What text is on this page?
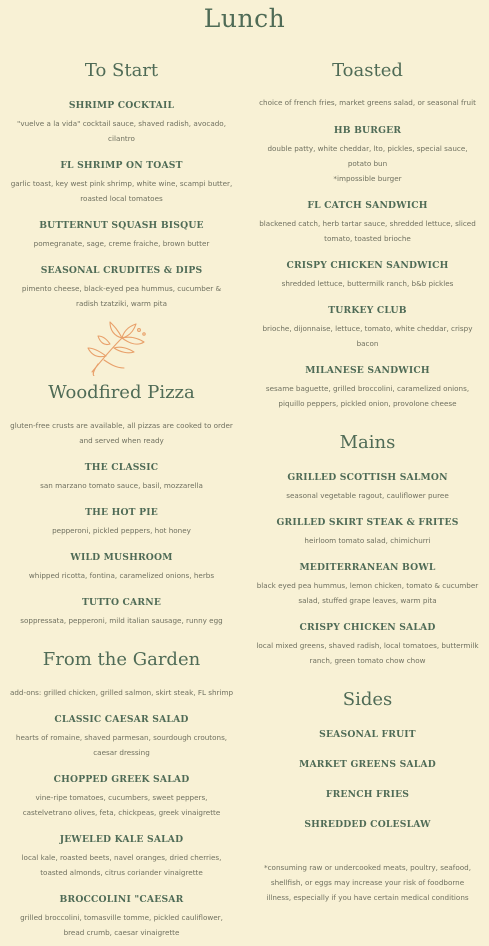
Lunch
To Start
SHRIMP COCKTAIL
"vuelve a la vida" cocktail sauce, shaved radish, avocado, cilantro
FL SHRIMP ON TOAST
garlic toast, key west pink shrimp, white wine, scampi butter, roasted local tomatoes
BUTTERNUT SQUASH BISQUE
pomegranate, sage, creme fraiche, brown butter
SEASONAL CRUDITES & DIPS
pimento cheese, black-eyed pea hummus, cucumber & radish tzatziki, warm pita
Woodfired Pizza
gluten-free crusts are available, all pizzas are cooked to order and served when ready
THE CLASSIC
san marzano tomato sauce, basil, mozzarella
THE HOT PIE
pepperoni, pickled peppers, hot honey
WILD MUSHROOM
whipped ricotta, fontina, caramelized onions, herbs
TUTTO CARNE
soppressata, pepperoni, mild italian sausage, runny egg
From the Garden
add-ons: grilled chicken, grilled salmon, skirt steak, FL shrimp
CLASSIC CAESAR SALAD
hearts of romaine, shaved parmesan, sourdough croutons, caesar dressing
CHOPPED GREEK SALAD
vine-ripe tomatoes, cucumbers, sweet peppers, castelvetrano olives, feta, chickpeas, greek vinaigrette
JEWELED KALE SALAD
local kale, roasted beets, navel oranges, dried cherries, toasted almonds, citrus coriander vinaigrette
BROCCOLINI "CAESAR
grilled broccolini, tomasville tomme, pickled cauliflower, bread crumb, caesar vinaigrette
Toasted
choice of french fries, market greens salad, or seasonal fruit
HB BURGER
double patty, white cheddar, lto, pickles, special sauce, potato bun
*impossible burger
FL CATCH SANDWICH
blackened catch, herb tartar sauce, shredded lettuce, sliced tomato, toasted brioche
CRISPY CHICKEN SANDWICH
shredded lettuce, buttermilk ranch, b&b pickles
TURKEY CLUB
brioche, dijonnaise, lettuce, tomato, white cheddar, crispy bacon
MILANESE SANDWICH
sesame baguette, grilled broccolini, caramelized onions, piquillo peppers, pickled onion, provolone cheese
Mains
GRILLED SCOTTISH SALMON
seasonal vegetable ragout, cauliflower puree
GRILLED SKIRT STEAK & FRITES
heirloom tomato salad, chimichurri
MEDITERRANEAN BOWL
black eyed pea hummus, lemon chicken, tomato & cucumber salad, stuffed grape leaves, warm pita
CRISPY CHICKEN SALAD
local mixed greens, shaved radish, local tomatoes, buttermilk ranch, green tomato chow chow
Sides
SEASONAL FRUIT
MARKET GREENS SALAD
FRENCH FRIES
SHREDDED COLESLAW
*consuming raw or undercooked meats, poultry, seafood, shellfish, or eggs may increase your risk of foodborne illness, especially if you have certain medical conditions
